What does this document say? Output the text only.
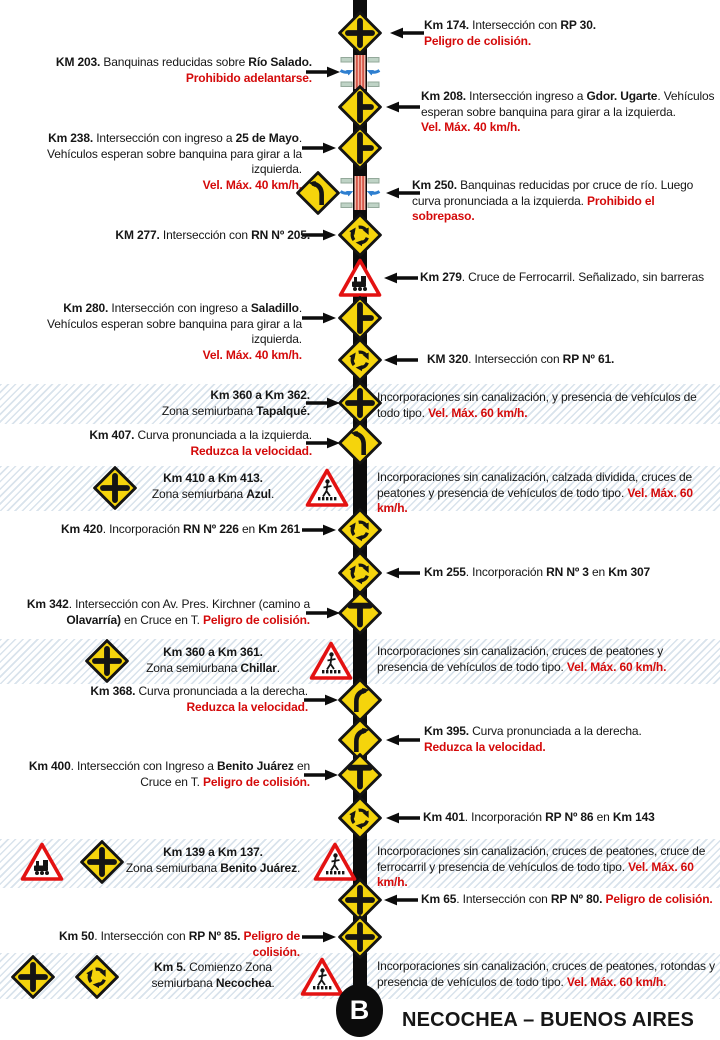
Km 174. Intersección con RP 30.
Peligro de colisión.
KM 203. Banquinas reducidas sobre Río Salado.
Prohibido adelantarse.
Km 208. Intersección ingreso a Gdor. Ugarte. Vehículos esperan sobre banquina para girar a la izquierda.
Vel. Máx. 40 km/h.
Km 238. Intersección con ingreso a 25 de Mayo. Vehículos esperan sobre banquina para girar a la izquierda.
Vel. Máx. 40 km/h.	Km 250. Banquinas reducidas por cruce de río. Luego curva pronunciada a la izquierda. Prohibido el sobrepaso.
KM 277. Intersección con RN Nº 205.
Km 279. Cruce de Ferrocarril. Señalizado, sin barreras
Km 280. Intersección con ingreso a Saladillo. Vehículos esperan sobre banquina para girar a la izquierda.
Vel. Máx. 40 km/h.	KM 320. Intersección con RP Nº 61.
Km 360 a Km 362.
Zona semiurbana Tapalqué.
Incorporaciones sin canalización, y presencia de vehículos de todo tipo. Vel. Máx. 60 km/h.
Km 407. Curva pronunciada a la izquierda.
Reduzca la velocidad.
Km 410 a Km 413.
Zona semiurbana Azul.
Incorporaciones sin canalización, calzada dividida, cruces de peatones y presencia de vehículos de todo tipo. Vel. Máx. 60 km/h.
Km 420. Incorporación RN Nº 226 en Km 261
Km 255. Incorporación RN Nº 3 en Km 307
Km 342. Intersección con Av. Pres. Kirchner (camino a Olavarría) en Cruce en T. Peligro de colisión.
Km 360 a Km 361.
Zona semiurbana Chillar.
Incorporaciones sin canalización, cruces de peatones y presencia de vehículos de todo tipo. Vel. Máx. 60 km/h.
Km 368. Curva pronunciada a la derecha.
Reduzca la velocidad.
Km 395. Curva pronunciada a la derecha.
Reduzca la velocidad.
Km 400. Intersección con Ingreso a Benito Juárez en Cruce en T. Peligro de colisión.
Km 401. Incorporación RP Nº 86 en Km 143
Km 139 a Km 137.
Zona semiurbana Benito Juárez.
Incorporaciones sin canalización, cruces de peatones, cruce de ferrocarril y presencia de vehículos de todo tipo. Vel. Máx. 60 km/h.
Km 65. Intersección con RP Nº 80. Peligro de colisión.
Km 50. Intersección con RP Nº 85. Peligro de colisión.
Km 5. Comienzo Zona semiurbana Necochea.
Incorporaciones sin canalización, cruces de peatones, rotondas y presencia de vehículos de todo tipo. Vel. Máx. 60 km/h.
B NECOCHEA – BUENOS AIRES
